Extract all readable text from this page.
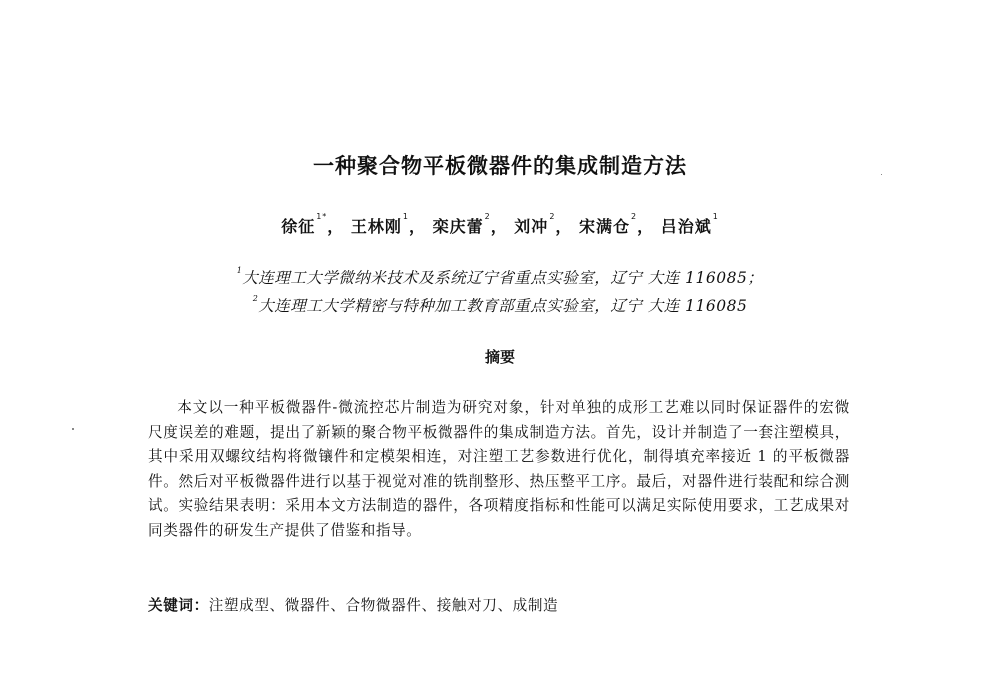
一种聚合物平板微器件的集成制造方法
徐征$^{1*}$， 王林刚$^1$， 栾庆蕾$^2$， 刘冲$^2$， 宋满仓$^2$， 吕治斌$^1$
$^1$大连理工大学微纳米技术及系统辽宁省重点实验室，辽宁 大连 116085；
$^2$大连理工大学精密与特种加工教育部重点实验室，辽宁 大连 116085
摘要
本文以一种平板微器件-微流控芯片制造为研究对象，针对单独的成形工艺难以同时保证器件的宏微尺度误差的难题，提出了新颖的聚合物平板微器件的集成制造方法。首先，设计并制造了一套注塑模具，其中采用双螺纹结构将微镶件和定模架相连，对注塑工艺参数进行优化，制得填充率接近 1 的平板微器件。然后对平板微器件进行以基于视觉对准的铣削整形、热压整平工序。最后，对器件进行装配和综合测试。实验结果表明：采用本文方法制造的器件，各项精度指标和性能可以满足实际使用要求，工艺成果对同类器件的研发生产提供了借鉴和指导。
关键词：注塑成型、微器件、合物微器件、接触对刀、成制造
